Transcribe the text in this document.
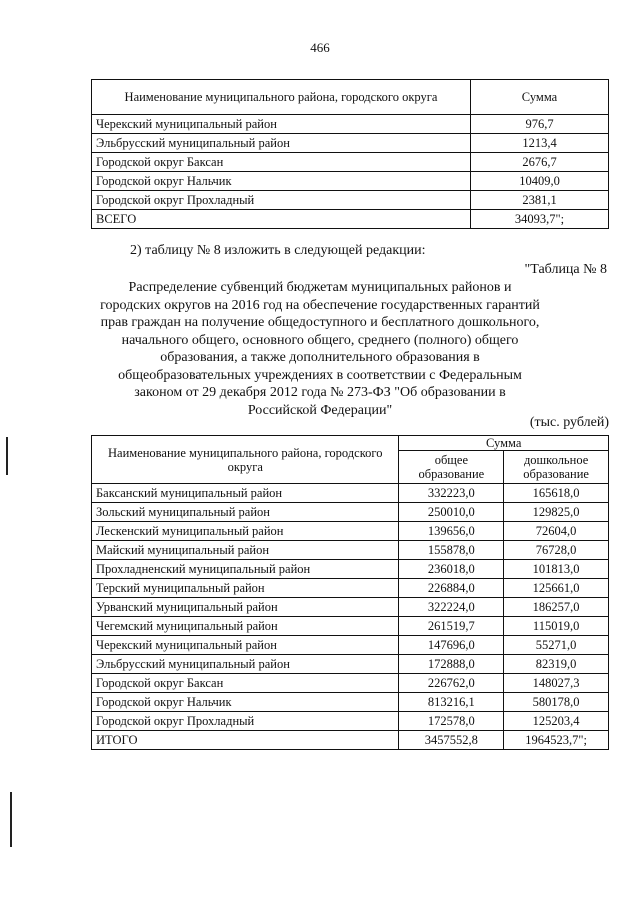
466
Наименование муниципального района, городского округа	Сумма
Черекский муниципальный район	976,7
Эльбрусский муниципальный район	1213,4
Городской округ Баксан	2676,7
Городской округ Нальчик	10409,0
Городской округ Прохладный	2381,1
ВСЕГО	34093,7";
2) таблицу № 8 изложить в следующей редакции:
"Таблица № 8
Распределение субвенций бюджетам муниципальных районов и городских округов на 2016 год на обеспечение государственных гарантий прав граждан на получение общедоступного и бесплатного дошкольного, начального общего, основного общего, среднего (полного) общего образования, а также дополнительного образования в общеобразовательных учреждениях в соответствии с Федеральным законом от 29 декабря 2012 года № 273-ФЗ "Об образовании в Российской Федерации"
(тыс. рублей)
Наименование муниципального района, городского округа	Сумма	
	общее образование	дошкольное образование
Баксанский муниципальный район	332223,0	165618,0
Зольский муниципальный район	250010,0	129825,0
Лескенский муниципальный район	139656,0	72604,0
Майский муниципальный район	155878,0	76728,0
Прохладненский муниципальный район	236018,0	101813,0
Терский муниципальный район	226884,0	125661,0
Урванский муниципальный район	322224,0	186257,0
Чегемский муниципальный район	261519,7	115019,0
Черекский муниципальный район	147696,0	55271,0
Эльбрусский муниципальный район	172888,0	82319,0
Городской округ Баксан	226762,0	148027,3
Городской округ Нальчик	813216,1	580178,0
Городской округ Прохладный	172578,0	125203,4
ИТОГО	3457552,8	1964523,7";
